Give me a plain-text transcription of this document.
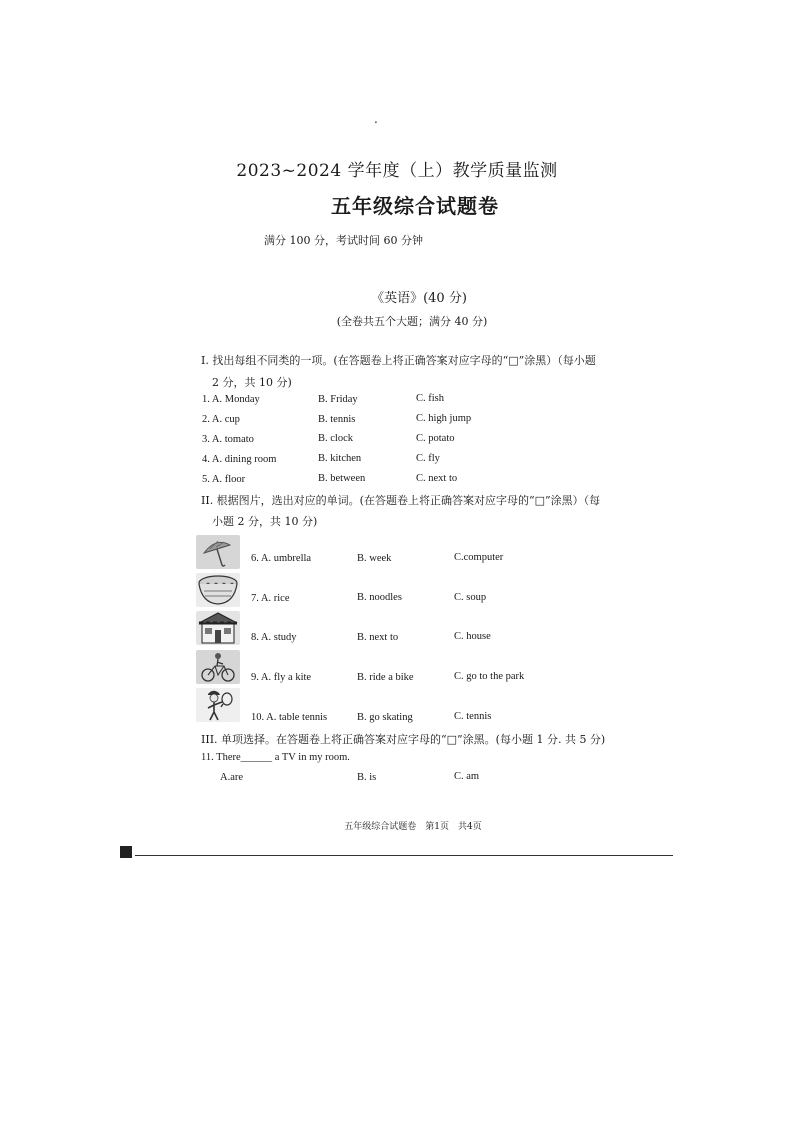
.
2023~2024 学年度（上）教学质量监测
五年级综合试题卷
满分 100 分，考试时间 60 分钟
《英语》(40 分)
(全卷共五个大题；满分 40 分)
I. 找出每组不同类的一项。(在答题卷上将正确答案对应字母的“□”涂黑）（每小题
2 分，共 10 分)
1. A. Monday	B. Friday	C. fish
2. A. cup	B. tennis	C. high jump
3. A. tomato	B. clock	C. potato
4. A. dining room	B. kitchen	C. fly
5. A. floor	B. between	C. next to
II. 根据图片，选出对应的单词。(在答题卷上将正确答案对应字母的“□”涂黑）（每
小题 2 分，共 10 分)
6. A. umbrella	B. week	C.computer
7. A. rice	B. noodles	C. soup
8. A. study	B. next to	C. house
9. A. fly a kite	B. ride a bike	C. go to the park
10. A. table tennis	B. go skating	C. tennis
III. 单项选择。在答题卷上将正确答案对应字母的“□”涂黑。(每小题 1 分. 共 5 分)
11. There______ a TV in my room.
A.are	B. is	C. am
五年级综合试题卷　第1页　共4页
